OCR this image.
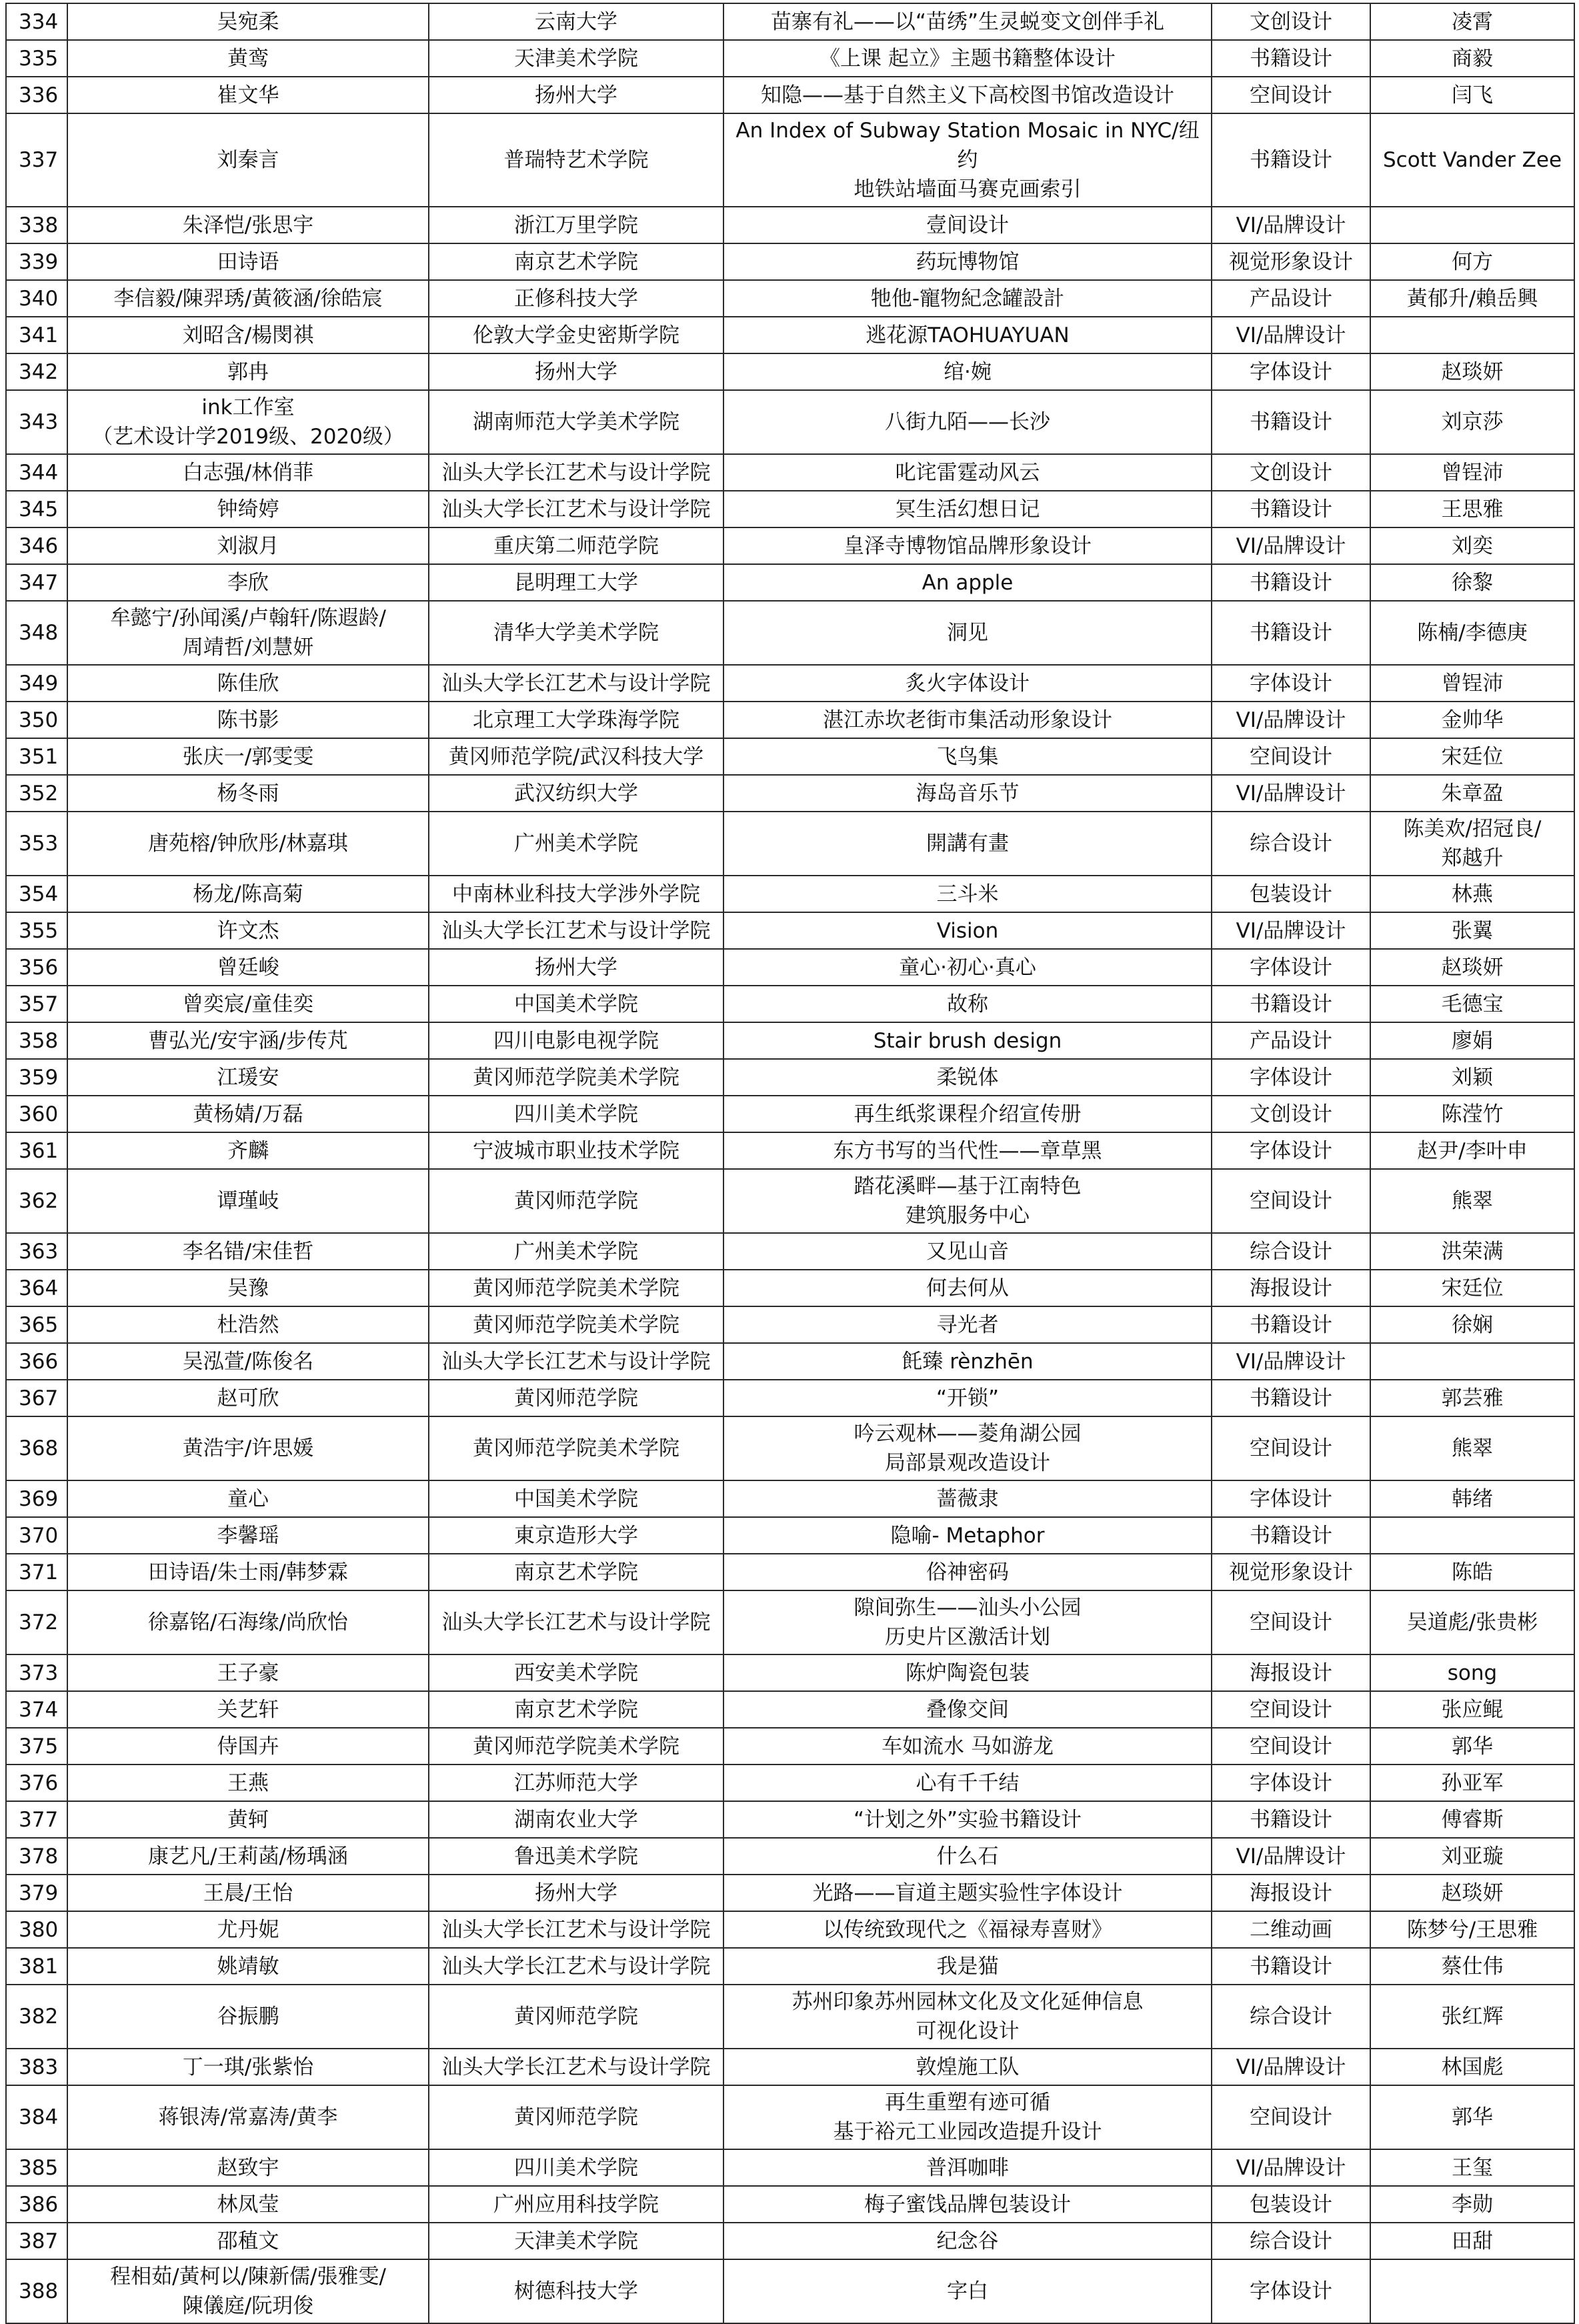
334	吴宛柔	云南大学	苗寨有礼——以“苗绣”生灵蜕变文创伴手礼	文创设计	凌霄
335	黄鸾	天津美术学院	《上课 起立》主题书籍整体设计	书籍设计	商毅
336	崔文华	扬州大学	知隐——基于自然主义下高校图书馆改造设计	空间设计	闫飞
337	刘秦言	普瑞特艺术学院	An Index of Subway Station Mosaic in NYC/纽约
地铁站墙面马赛克画索引	书籍设计	Scott Vander Zee
338	朱泽恺/张思宇	浙江万里学院	壹间设计	VI/品牌设计	
339	田诗语	南京艺术学院	药玩博物馆	视觉形象设计	何方
340	李信毅/陳羿琇/黃筱涵/徐皓宸	正修科技大学	牠他-寵物紀念罐設計	产品设计	黃郁升/賴岳興
341	刘昭含/楊閔祺	伦敦大学金史密斯学院	逃花源TAOHUAYUAN	VI/品牌设计	
342	郭冉	扬州大学	绾·婉	字体设计	赵琰妍
343	ink工作室
（艺术设计学2019级、2020级）	湖南师范大学美术学院	八街九陌——长沙	书籍设计	刘京莎
344	白志强/林俏菲	汕头大学长江艺术与设计学院	叱诧雷霆动风云	文创设计	曾锃沛
345	钟绮婷	汕头大学长江艺术与设计学院	冥生活幻想日记	书籍设计	王思雅
346	刘淑月	重庆第二师范学院	皇泽寺博物馆品牌形象设计	VI/品牌设计	刘奕
347	李欣	昆明理工大学	An apple	书籍设计	徐黎
348	牟懿宁/孙闻溪/卢翰轩/陈遐龄/
周靖哲/刘慧妍	清华大学美术学院	洞见	书籍设计	陈楠/李德庚
349	陈佳欣	汕头大学长江艺术与设计学院	炙火字体设计	字体设计	曾锃沛
350	陈书影	北京理工大学珠海学院	湛江赤坎老街市集活动形象设计	VI/品牌设计	金帅华
351	张庆一/郭雯雯	黄冈师范学院/武汉科技大学	飞鸟集	空间设计	宋廷位
352	杨冬雨	武汉纺织大学	海岛音乐节	VI/品牌设计	朱章盈
353	唐苑榕/钟欣彤/林嘉琪	广州美术学院	開講有畫	综合设计	陈美欢/招冠良/
郑越升
354	杨龙/陈高菊	中南林业科技大学涉外学院	三斗米	包装设计	林燕
355	许文杰	汕头大学长江艺术与设计学院	Vision	VI/品牌设计	张翼
356	曾廷峻	扬州大学	童心·初心·真心	字体设计	赵琰妍
357	曾奕宸/童佳奕	中国美术学院	故称	书籍设计	毛德宝
358	曹弘光/安宇涵/步传芃	四川电影电视学院	Stair brush design	产品设计	廖娟
359	江瑗安	黄冈师范学院美术学院	柔锐体	字体设计	刘颖
360	黄杨婧/万磊	四川美术学院	再生纸浆课程介绍宣传册	文创设计	陈滢竹
361	齐麟	宁波城市职业技术学院	东方书写的当代性——章草黑	字体设计	赵尹/李叶申
362	谭瑾岐	黄冈师范学院	踏花溪畔—基于江南特色
建筑服务中心	空间设计	熊翠
363	李名错/宋佳哲	广州美术学院	又见山音	综合设计	洪荣满
364	吴豫	黄冈师范学院美术学院	何去何从	海报设计	宋廷位
365	杜浩然	黄冈师范学院美术学院	寻光者	书籍设计	徐娴
366	吴泓萱/陈俊名	汕头大学长江艺术与设计学院	飥臻 rènzhēn	VI/品牌设计	
367	赵可欣	黄冈师范学院	“开锁”	书籍设计	郭芸雅
368	黄浩宇/许思媛	黄冈师范学院美术学院	吟云观林——菱角湖公园
局部景观改造设计	空间设计	熊翠
369	童心	中国美术学院	蔷薇隶	字体设计	韩绪
370	李馨瑶	東京造形大学	隐喻- Metaphor	书籍设计	
371	田诗语/朱士雨/韩梦霖	南京艺术学院	俗神密码	视觉形象设计	陈皓
372	徐嘉铭/石海缘/尚欣怡	汕头大学长江艺术与设计学院	隙间弥生——汕头小公园
历史片区激活计划	空间设计	吴道彪/张贵彬
373	王子豪	西安美术学院	陈炉陶瓷包装	海报设计	song
374	关艺轩	南京艺术学院	叠像交间	空间设计	张应鲲
375	侍国卉	黄冈师范学院美术学院	车如流水 马如游龙	空间设计	郭华
376	王燕	江苏师范大学	心有千千结	字体设计	孙亚军
377	黄轲	湖南农业大学	“计划之外”实验书籍设计	书籍设计	傅睿斯
378	康艺凡/王莉菡/杨瑀涵	鲁迅美术学院	什么石	VI/品牌设计	刘亚璇
379	王晨/王怡	扬州大学	光路——盲道主题实验性字体设计	海报设计	赵琰妍
380	尤丹妮	汕头大学长江艺术与设计学院	以传统致现代之《福禄寿喜财》	二维动画	陈梦兮/王思雅
381	姚靖敏	汕头大学长江艺术与设计学院	我是猫	书籍设计	蔡仕伟
382	谷振鹏	黄冈师范学院	苏州印象苏州园林文化及文化延伸信息
可视化设计	综合设计	张红辉
383	丁一琪/张紫怡	汕头大学长江艺术与设计学院	敦煌施工队	VI/品牌设计	林国彪
384	蒋银涛/常嘉涛/黄李	黄冈师范学院	再生重塑有迹可循
基于裕元工业园改造提升设计	空间设计	郭华
385	赵致宇	四川美术学院	普洱咖啡	VI/品牌设计	王玺
386	林凤莹	广州应用科技学院	梅子蜜饯品牌包装设计	包装设计	李勋
387	邵稙文	天津美术学院	纪念谷	综合设计	田甜
388	程相茹/黃柯以/陳新儒/張雅雯/
陳儀庭/阮玥俊	树德科技大学	字白	字体设计	
